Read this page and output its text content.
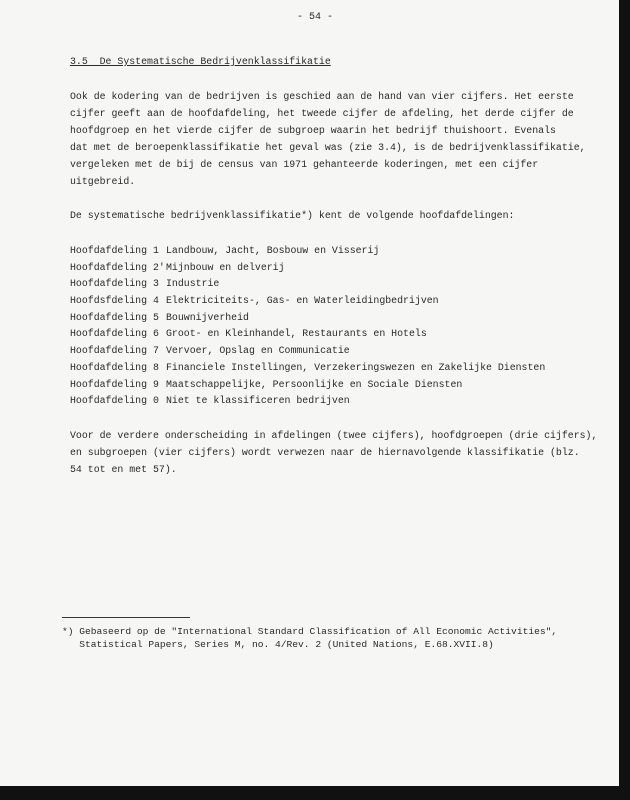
- 54 -
3.5  De Systematische Bedrijvenklassifikatie
Ook de kodering van de bedrijven is geschied aan de hand van vier cijfers. Het eerste
cijfer geeft aan de hoofdafdeling, het tweede cijfer de afdeling, het derde cijfer de
hoofdgroep en het vierde cijfer de subgroep waarin het bedrijf thuishoort. Evenals
dat met de beroepenklassifikatie het geval was (zie 3.4), is de bedrijvenklassifikatie,
vergeleken met de bij de census van 1971 gehanteerde koderingen, met een cijfer
uitgebreid.
De systematische bedrijvenklassifikatie*) kent de volgende hoofdafdelingen:
Hoofdafdeling 1 Landbouw, Jacht, Bosbouw en Visserij
Hoofdafdeling 2' Mijnbouw en delverij
Hoofdafdeling 3 Industrie
Hoofdsfdeling 4 Elektriciteits-, Gas- en Waterleidingbedrijven
Hoofdafdeling 5 Bouwnijverheid
Hoofdafdeling 6 Groot- en Kleinhandel, Restaurants en Hotels
Hoofdafdeling 7 Vervoer, Opslag en Communicatie
Hoofdafdeling 8 Financiele Instellingen, Verzekeringswezen en Zakelijke Diensten
Hoofdafdeling 9 Maatschappelijke, Persoonlijke en Sociale Diensten
Hoofdafdeling 0 Niet te klassificeren bedrijven
Voor de verdere onderscheiding in afdelingen (twee cijfers), hoofdgroepen (drie cijfers),
en subgroepen (vier cijfers) wordt verwezen naar de hiernavolgende klassifikatie (blz.
54 tot en met 57).
*) Gebaseerd op de "International Standard Classification of All Economic Activities",
Statistical Papers, Series M, no. 4/Rev. 2 (United Nations, E.68.XVII.8)
